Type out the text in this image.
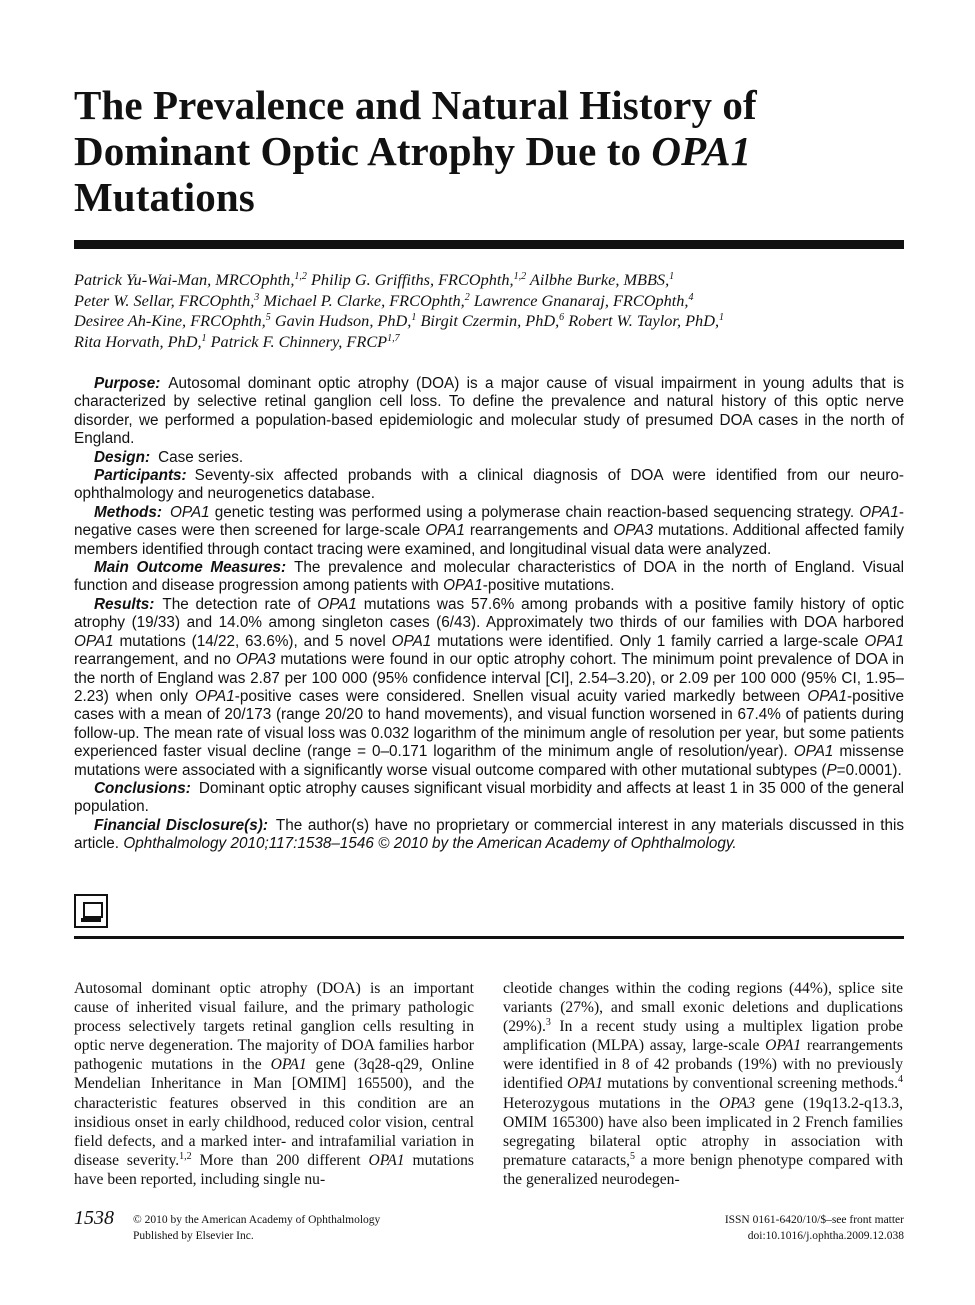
The Prevalence and Natural History of
Dominant Optic Atrophy Due to OPA1
Mutations
Patrick Yu-Wai-Man, MRCOphth,$^{1,2}$ Philip G. Griffiths, FRCOphth,$^{1,2}$ Ailbhe Burke, MBBS,$^1$
Peter W. Sellar, FRCOphth,$^3$ Michael P. Clarke, FRCOphth,$^2$ Lawrence Gnanaraj, FRCOphth,$^4$
Desiree Ah-Kine, FRCOphth,$^5$ Gavin Hudson, PhD,$^1$ Birgit Czermin, PhD,$^6$ Robert W. Taylor, PhD,$^1$
Rita Horvath, PhD,$^1$ Patrick F. Chinnery, FRCP$^{1,7}$

Purpose: Autosomal dominant optic atrophy (DOA) is a major cause of visual impairment in young adults that is characterized by selective retinal ganglion cell loss. To define the prevalence and natural history of this optic nerve disorder, we performed a population-based epidemiologic and molecular study of presumed DOA cases in the north of England.

Design: Case series.

Participants: Seventy-six affected probands with a clinical diagnosis of DOA were identified from our neuro-ophthalmology and neurogenetics database.

Methods: OPA1 genetic testing was performed using a polymerase chain reaction-based sequencing strategy. OPA1-negative cases were then screened for large-scale OPA1 rearrangements and OPA3 mutations. Additional affected family members identified through contact tracing were examined, and longitudinal visual data were analyzed.

Main Outcome Measures: The prevalence and molecular characteristics of DOA in the north of England. Visual function and disease progression among patients with OPA1-positive mutations.

Results: The detection rate of OPA1 mutations was 57.6% among probands with a positive family history of optic atrophy (19/33) and 14.0% among singleton cases (6/43). Approximately two thirds of our families with DOA harbored OPA1 mutations (14/22, 63.6%), and 5 novel OPA1 mutations were identified. Only 1 family carried a large-scale OPA1 rearrangement, and no OPA3 mutations were found in our optic atrophy cohort. The minimum point prevalence of DOA in the north of England was 2.87 per 100 000 (95% confidence interval [CI], 2.54–3.20), or 2.09 per 100 000 (95% CI, 1.95–2.23) when only OPA1-positive cases were considered. Snellen visual acuity varied markedly between OPA1-positive cases with a mean of 20/173 (range 20/20 to hand movements), and visual function worsened in 67.4% of patients during follow-up. The mean rate of visual loss was 0.032 logarithm of the minimum angle of resolution per year, but some patients experienced faster visual decline (range = 0–0.171 logarithm of the minimum angle of resolution/year). OPA1 missense mutations were associated with a significantly worse visual outcome compared with other mutational subtypes (P=0.0001).

Conclusions: Dominant optic atrophy causes significant visual morbidity and affects at least 1 in 35 000 of the general population.

Financial Disclosure(s): The author(s) have no proprietary or commercial interest in any materials discussed in this article. Ophthalmology 2010;117:1538–1546 © 2010 by the American Academy of Ophthalmology.

Autosomal dominant optic atrophy (DOA) is an important cause of inherited visual failure, and the primary pathologic process selectively targets retinal ganglion cells resulting in optic nerve degeneration. The majority of DOA families harbor pathogenic mutations in the OPA1 gene (3q28-q29, Online Mendelian Inheritance in Man [OMIM] 165500), and the characteristic features observed in this condition are an insidious onset in early childhood, reduced color vision, central field defects, and a marked inter- and intrafamilial variation in disease severity.$^{1,2}$ More than 200 different OPA1 mutations have been reported, including single nu-
cleotide changes within the coding regions (44%), splice site variants (27%), and small exonic deletions and duplications (29%).$^3$ In a recent study using a multiplex ligation probe amplification (MLPA) assay, large-scale OPA1 rearrangements were identified in 8 of 42 probands (19%) with no previously identified OPA1 mutations by conventional screening methods.$^4$ Heterozygous mutations in the OPA3 gene (19q13.2-q13.3, OMIM 165300) have also been implicated in 2 French families segregating bilateral optic atrophy in association with premature cataracts,$^5$ a more benign phenotype compared with the generalized neurodegen-
1538 © 2010 by the American Academy of Ophthalmology
Published by Elsevier Inc.
ISSN 0161-6420/10/$–see front matter
doi:10.1016/j.ophtha.2009.12.038
